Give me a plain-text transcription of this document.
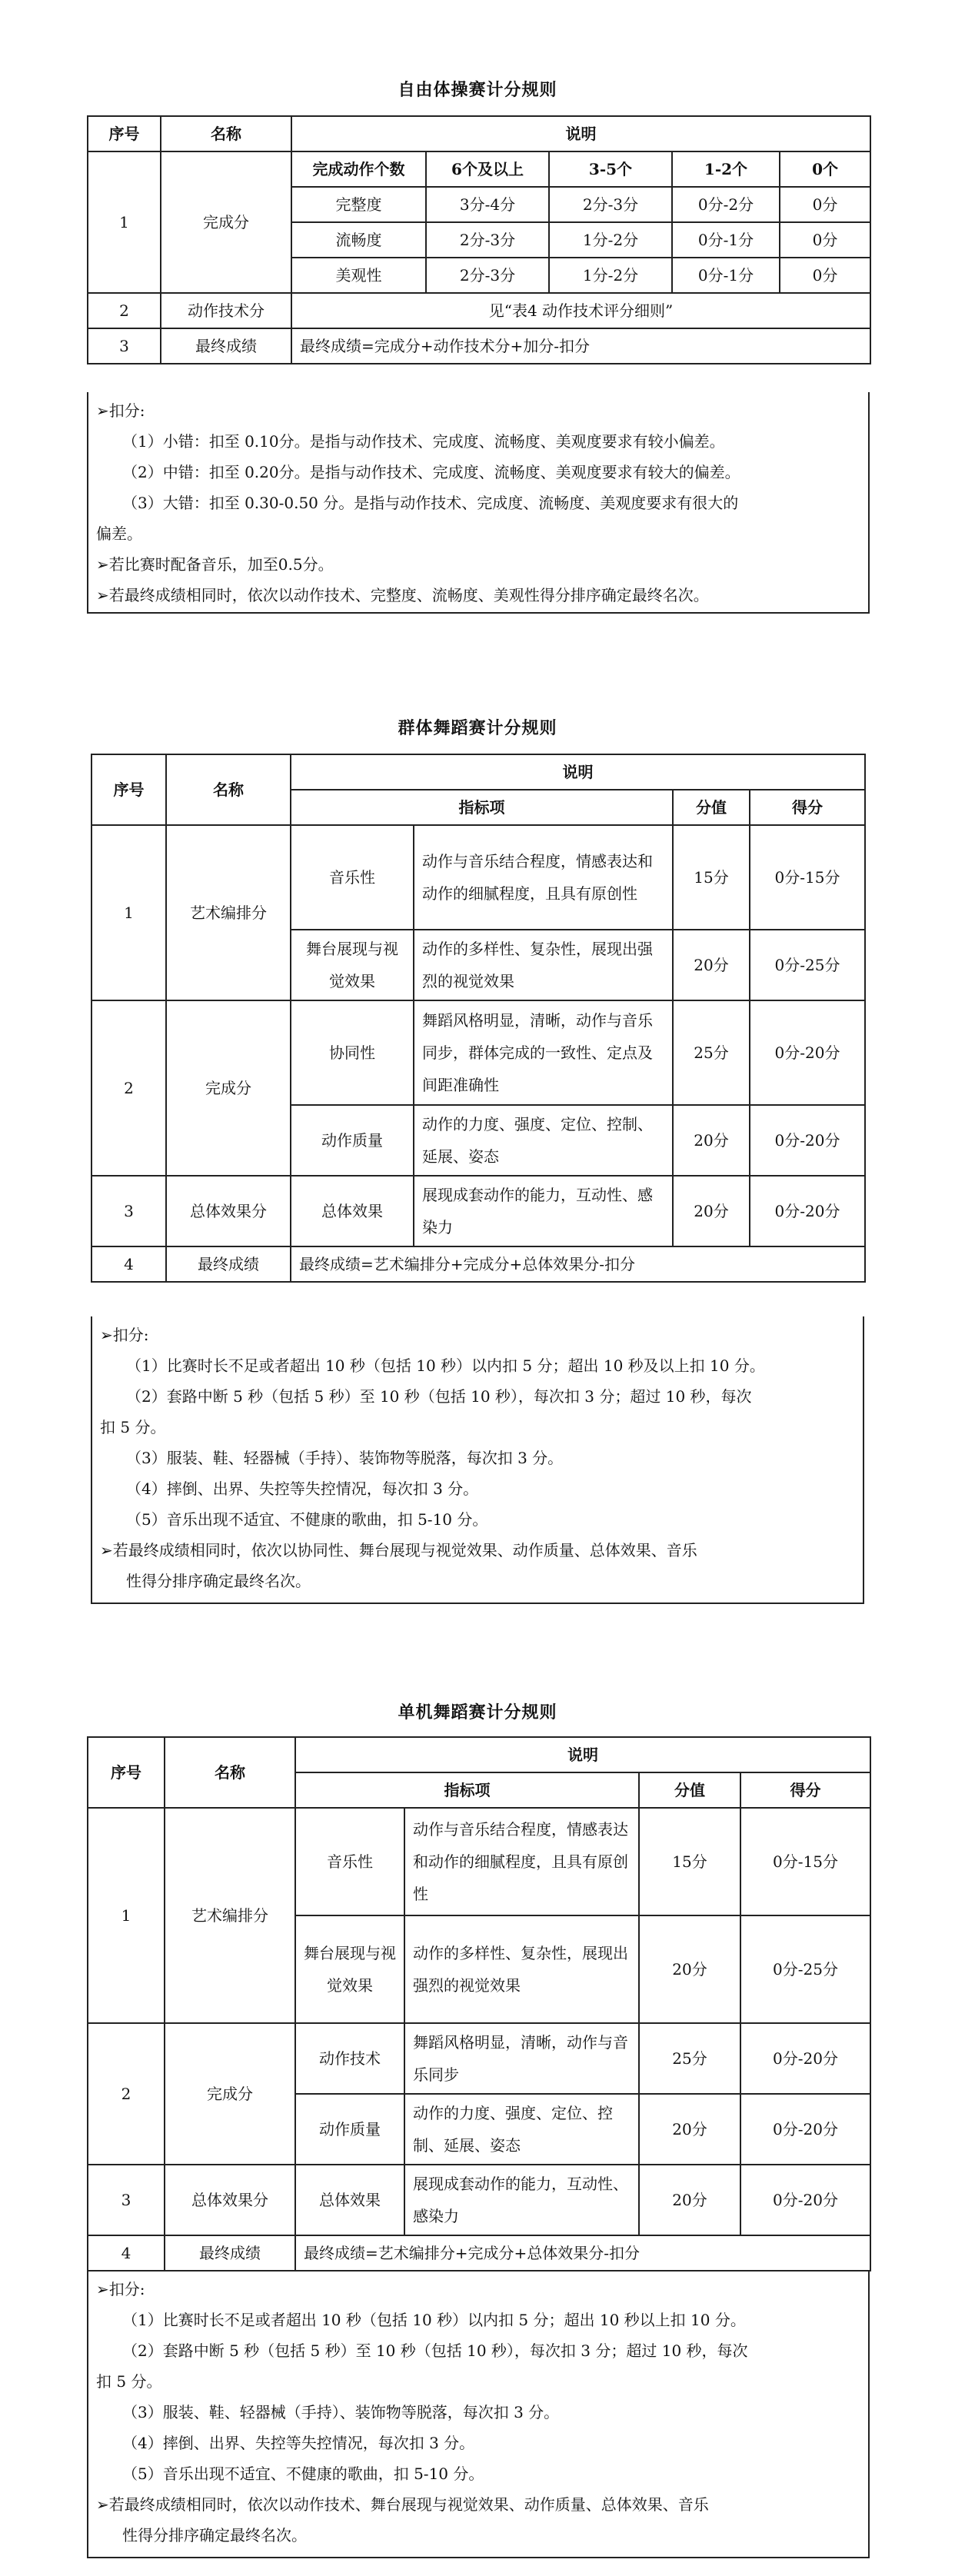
自由体操赛计分规则
序号	名称	说明				
1	完成分	完成动作个数	6个及以上	3-5个	1-2个	0个
		完整度	3分-4分	2分-3分	0分-2分	0分
		流畅度	2分-3分	1分-2分	0分-1分	0分
		美观性	2分-3分	1分-2分	0分-1分	0分
2	动作技术分	见“表4 动作技术评分细则”				
3	最终成绩	最终成绩=完成分+动作技术分+加分-扣分				
➢ 扣分:
（1）小错：扣至 0.10分。是指与动作技术、完成度、流畅度、美观度要求有较小偏差。
（2）中错：扣至 0.20分。是指与动作技术、完成度、流畅度、美观度要求有较大的偏差。
（3）大错：扣至 0.30-0.50 分。是指与动作技术、完成度、流畅度、美观度要求有很大的
偏差。
➢ 若比赛时配备音乐，加至0.5分。
➢ 若最终成绩相同时，依次以动作技术、完整度、流畅度、美观性得分排序确定最终名次。
群体舞蹈赛计分规则
序号	名称	说明			
		指标项		分值	得分
1	艺术编排分	音乐性	动作与音乐结合程度，情感表达和动作的细腻程度，且具有原创性	15分	0分-15分
		舞台展现与视觉效果	动作的多样性、复杂性，展现出强烈的视觉效果	20分	0分-25分
2	完成分	协同性	舞蹈风格明显，清晰，动作与音乐同步，群体完成的一致性、定点及间距准确性	25分	0分-20分
		动作质量	动作的力度、强度、定位、控制、延展、姿态	20分	0分-20分
3	总体效果分	总体效果	展现成套动作的能力，互动性、感染力	20分	0分-20分
4	最终成绩	最终成绩=艺术编排分+完成分+总体效果分-扣分			
➢ 扣分:
（1）比赛时长不足或者超出 10 秒（包括 10 秒）以内扣 5 分；超出 10 秒及以上扣 10 分。
（2）套路中断 5 秒（包括 5 秒）至 10 秒（包括 10 秒），每次扣 3 分；超过 10 秒，每次
扣 5 分。
（3）服装、鞋、轻器械（手持）、装饰物等脱落，每次扣 3 分。
（4）摔倒、出界、失控等失控情况，每次扣 3 分。
（5）音乐出现不适宜、不健康的歌曲，扣 5-10 分。
➢ 若最终成绩相同时，依次以协同性、舞台展现与视觉效果、动作质量、总体效果、音乐
性得分排序确定最终名次。
单机舞蹈赛计分规则
序号	名称	说明			
		指标项		分值	得分
1	艺术编排分	音乐性	动作与音乐结合程度，情感表达和动作的细腻程度，且具有原创性	15分	0分-15分
		舞台展现与视觉效果	动作的多样性、复杂性，展现出强烈的视觉效果	20分	0分-25分
2	完成分	动作技术	舞蹈风格明显，清晰，动作与音乐同步	25分	0分-20分
		动作质量	动作的力度、强度、定位、控制、延展、姿态	20分	0分-20分
3	总体效果分	总体效果	展现成套动作的能力，互动性、感染力	20分	0分-20分
4	最终成绩	最终成绩=艺术编排分+完成分+总体效果分-扣分			
➢ 扣分:
（1）比赛时长不足或者超出 10 秒（包括 10 秒）以内扣 5 分；超出 10 秒以上扣 10 分。
（2）套路中断 5 秒（包括 5 秒）至 10 秒（包括 10 秒），每次扣 3 分；超过 10 秒，每次
扣 5 分。
（3）服装、鞋、轻器械（手持）、装饰物等脱落，每次扣 3 分。
（4）摔倒、出界、失控等失控情况，每次扣 3 分。
（5）音乐出现不适宜、不健康的歌曲，扣 5-10 分。
➢ 若最终成绩相同时，依次以动作技术、舞台展现与视觉效果、动作质量、总体效果、音乐
性得分排序确定最终名次。
